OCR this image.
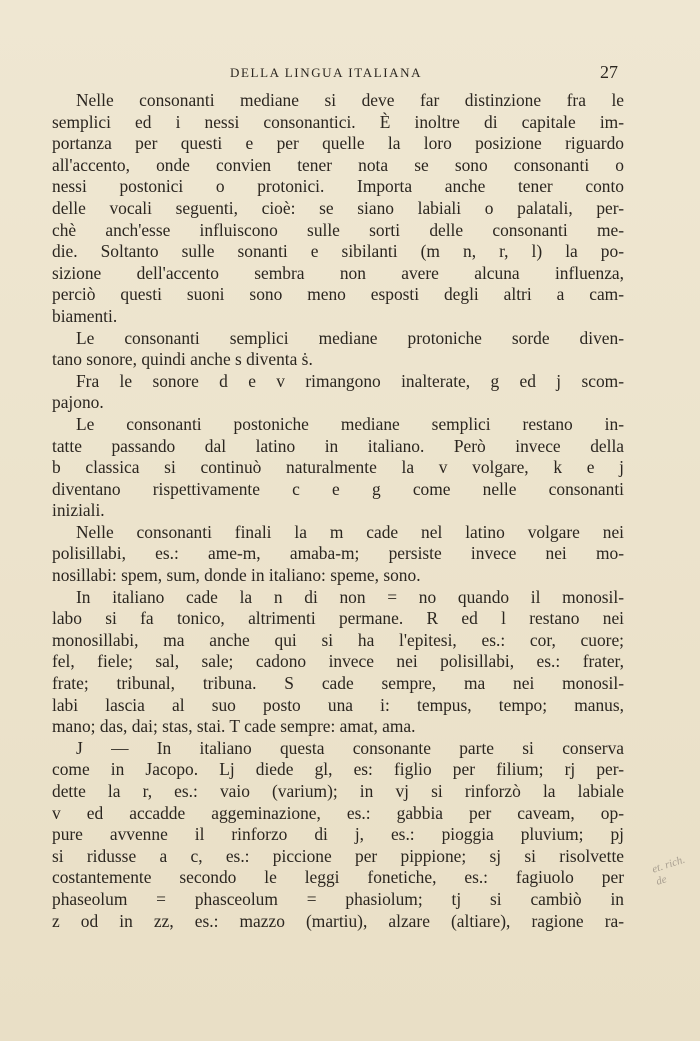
DELLA LINGUA ITALIANA	27
Nelle consonanti mediane si deve far distinzione fra le
semplici ed i nessi consonantici. È inoltre di capitale im-
portanza per questi e per quelle la loro posizione riguardo
all'accento, onde convien tener nota se sono consonanti o
nessi postonici o protonici. Importa anche tener conto
delle vocali seguenti, cioè: se siano labiali o palatali, per-
chè anch'esse influiscono sulle sorti delle consonanti me-
die. Soltanto sulle sonanti e sibilanti (m n, r, l) la po-
sizione dell'accento sembra non avere alcuna influenza,
perciò questi suoni sono meno esposti degli altri a cam-
biamenti.
Le consonanti semplici mediane protoniche sorde diven-
tano sonore, quindi anche s diventa ṡ.
Fra le sonore d e v rimangono inalterate, g ed j scom-
pajono.
Le consonanti postoniche mediane semplici restano in-
tatte passando dal latino in italiano. Però invece della
b classica si continuò naturalmente la v volgare, k e j
diventano rispettivamente c e g come nelle consonanti
iniziali.
Nelle consonanti finali la m cade nel latino volgare nei
polisillabi, es.: ame-m, amaba-m; persiste invece nei mo-
nosillabi: spem, sum, donde in italiano: speme, sono.
In italiano cade la n di non = no quando il monosil-
labo si fa tonico, altrimenti permane. R ed l restano nei
monosillabi, ma anche qui si ha l'epitesi, es.: cor, cuore;
fel, fiele; sal, sale; cadono invece nei polisillabi, es.: frater,
frate; tribunal, tribuna. S cade sempre, ma nei monosil-
labi lascia al suo posto una i: tempus, tempo; manus,
mano; das, dai; stas, stai. T cade sempre: amat, ama.
J — In italiano questa consonante parte si conserva
come in Jacopo. Lj diede gl, es: figlio per filium; rj per-
dette la r, es.: vaio (varium); in vj si rinforzò la labiale
v ed accadde aggeminazione, es.: gabbia per caveam, op-
pure avvenne il rinforzo di j, es.: pioggia pluvium; pj
si ridusse a c, es.: piccione per pippione; sj si risolvette
costantemente secondo le leggi fonetiche, es.: fagiuolo per
phaseolum = phasceolum = phasiolum; tj si cambiò in
z od in zz, es.: mazzo (martiu), alzare (altiare), ragione ra-
et. rich. de
